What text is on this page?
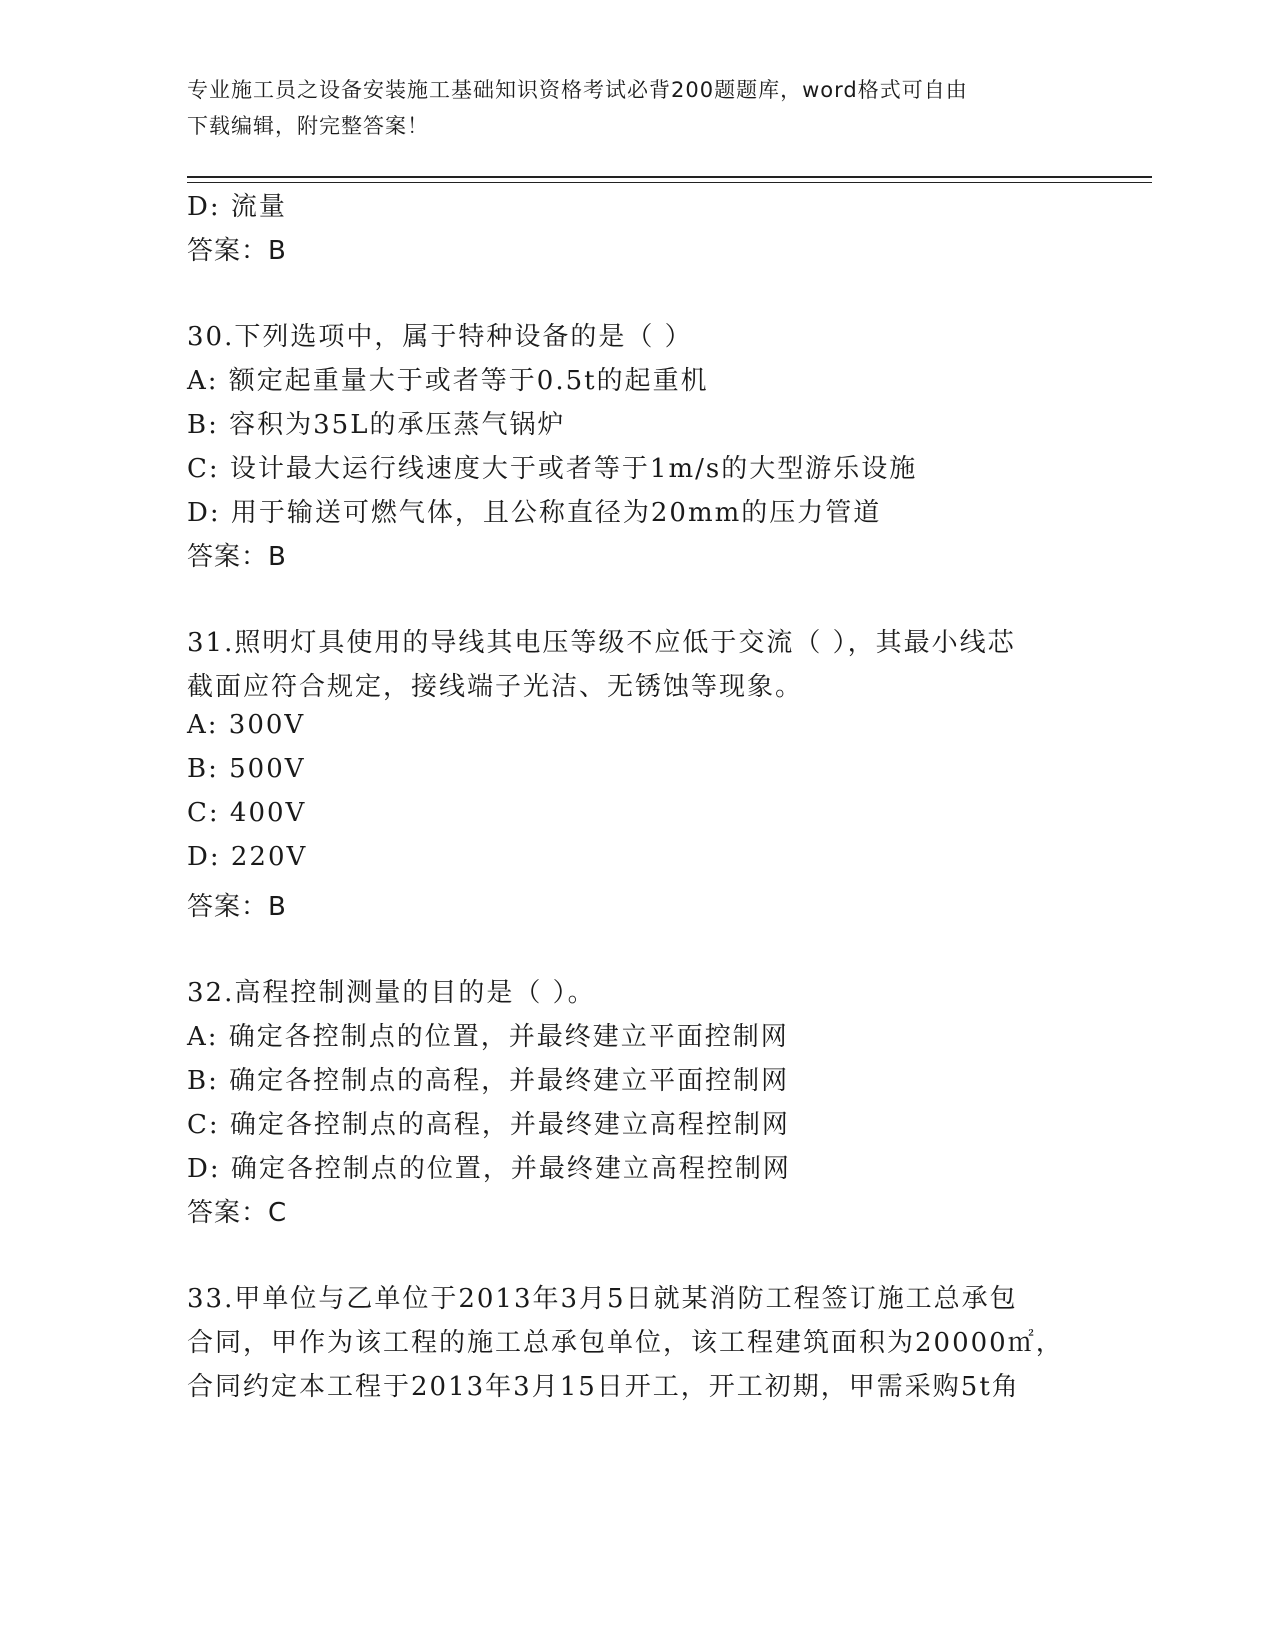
专业施工员之设备安装施工基础知识资格考试必背200题题库，word格式可自由
下载编辑，附完整答案！
D: 流量
答案：B
30.下列选项中，属于特种设备的是（ ）
A: 额定起重量大于或者等于0.5t的起重机
B: 容积为35L的承压蒸气锅炉
C: 设计最大运行线速度大于或者等于1m/s的大型游乐设施
D: 用于输送可燃气体，且公称直径为20mm的压力管道
答案：B
31.照明灯具使用的导线其电压等级不应低于交流（ ），其最小线芯
截面应符合规定，接线端子光洁、无锈蚀等现象。
A: 300V
B: 500V
C: 400V
D: 220V
答案：B
32.高程控制测量的目的是（ ）。
A: 确定各控制点的位置，并最终建立平面控制网
B: 确定各控制点的高程，并最终建立平面控制网
C: 确定各控制点的高程，并最终建立高程控制网
D: 确定各控制点的位置，并最终建立高程控制网
答案：C
33.甲单位与乙单位于2013年3月5日就某消防工程签订施工总承包
合同，甲作为该工程的施工总承包单位，该工程建筑面积为20000㎡，
合同约定本工程于2013年3月15日开工，开工初期，甲需采购5t角
